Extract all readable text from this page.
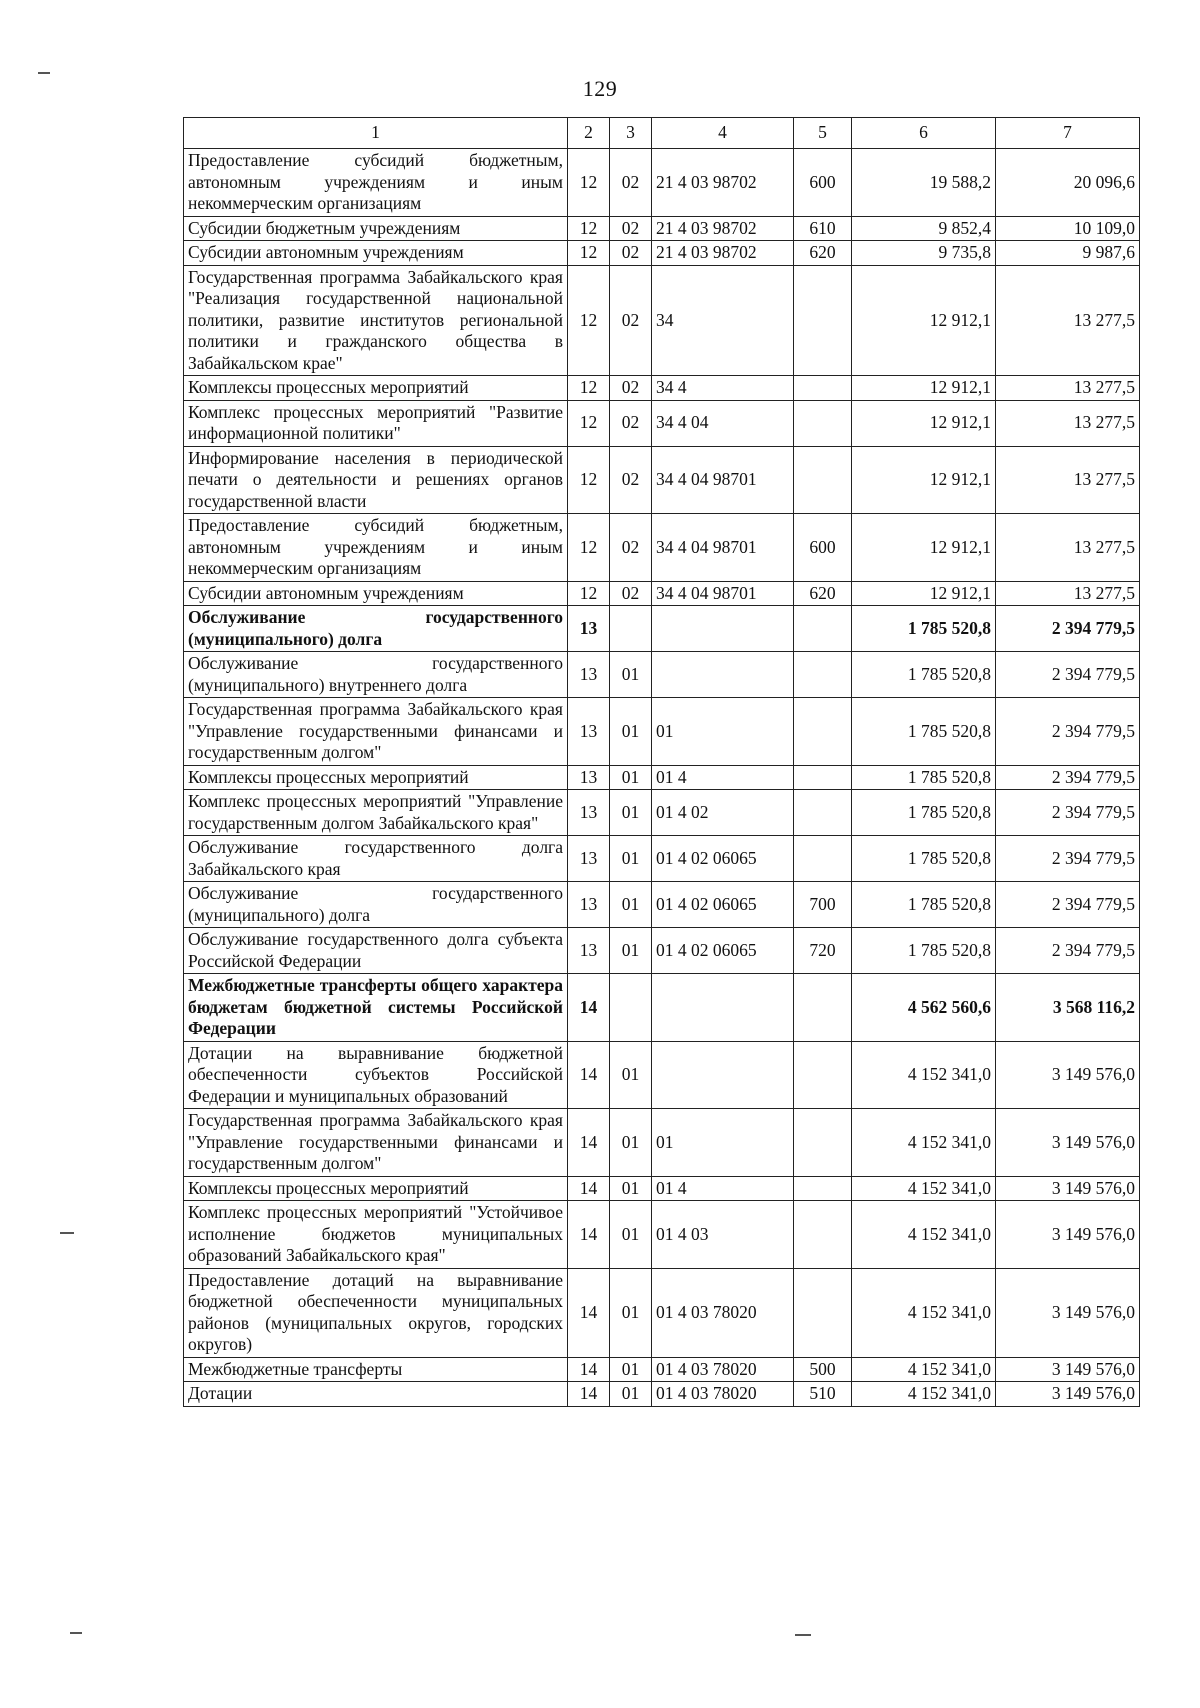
129
1	2	3	4	5	6	7
Предоставление субсидий бюджетным, автономным учреждениям и иным некоммерческим организациям	12	02	21 4 03 98702	600	19 588,2	20 096,6
Субсидии бюджетным учреждениям	12	02	21 4 03 98702	610	9 852,4	10 109,0
Субсидии автономным учреждениям	12	02	21 4 03 98702	620	9 735,8	9 987,6
Государственная программа Забайкальского края "Реализация государственной национальной политики, развитие институтов региональной политики и гражданского общества в Забайкальском крае"	12	02	34		12 912,1	13 277,5
Комплексы процессных мероприятий	12	02	34 4		12 912,1	13 277,5
Комплекс процессных мероприятий "Развитие информационной политики"	12	02	34 4 04		12 912,1	13 277,5
Информирование населения в периодической печати о деятельности и решениях органов государственной власти	12	02	34 4 04 98701		12 912,1	13 277,5
Предоставление субсидий бюджетным, автономным учреждениям и иным некоммерческим организациям	12	02	34 4 04 98701	600	12 912,1	13 277,5
Субсидии автономным учреждениям	12	02	34 4 04 98701	620	12 912,1	13 277,5
Обслуживание государственного (муниципального) долга	13				1 785 520,8	2 394 779,5
Обслуживание государственного (муниципального) внутреннего долга	13	01			1 785 520,8	2 394 779,5
Государственная программа Забайкальского края "Управление государственными финансами и государственным долгом"	13	01	01		1 785 520,8	2 394 779,5
Комплексы процессных мероприятий	13	01	01 4		1 785 520,8	2 394 779,5
Комплекс процессных мероприятий "Управление государственным долгом Забайкальского края"	13	01	01 4 02		1 785 520,8	2 394 779,5
Обслуживание государственного долга Забайкальского края	13	01	01 4 02 06065		1 785 520,8	2 394 779,5
Обслуживание государственного (муниципального) долга	13	01	01 4 02 06065	700	1 785 520,8	2 394 779,5
Обслуживание государственного долга субъекта Российской Федерации	13	01	01 4 02 06065	720	1 785 520,8	2 394 779,5
Межбюджетные трансферты общего характера бюджетам бюджетной системы Российской Федерации	14				4 562 560,6	3 568 116,2
Дотации на выравнивание бюджетной обеспеченности субъектов Российской Федерации и муниципальных образований	14	01			4 152 341,0	3 149 576,0
Государственная программа Забайкальского края "Управление государственными финансами и государственным долгом"	14	01	01		4 152 341,0	3 149 576,0
Комплексы процессных мероприятий	14	01	01 4		4 152 341,0	3 149 576,0
Комплекс процессных мероприятий "Устойчивое исполнение бюджетов муниципальных образований Забайкальского края"	14	01	01 4 03		4 152 341,0	3 149 576,0
Предоставление дотаций на выравнивание бюджетной обеспеченности муниципальных районов (муниципальных округов, городских округов)	14	01	01 4 03 78020		4 152 341,0	3 149 576,0
Межбюджетные трансферты	14	01	01 4 03 78020	500	4 152 341,0	3 149 576,0
Дотации	14	01	01 4 03 78020	510	4 152 341,0	3 149 576,0
